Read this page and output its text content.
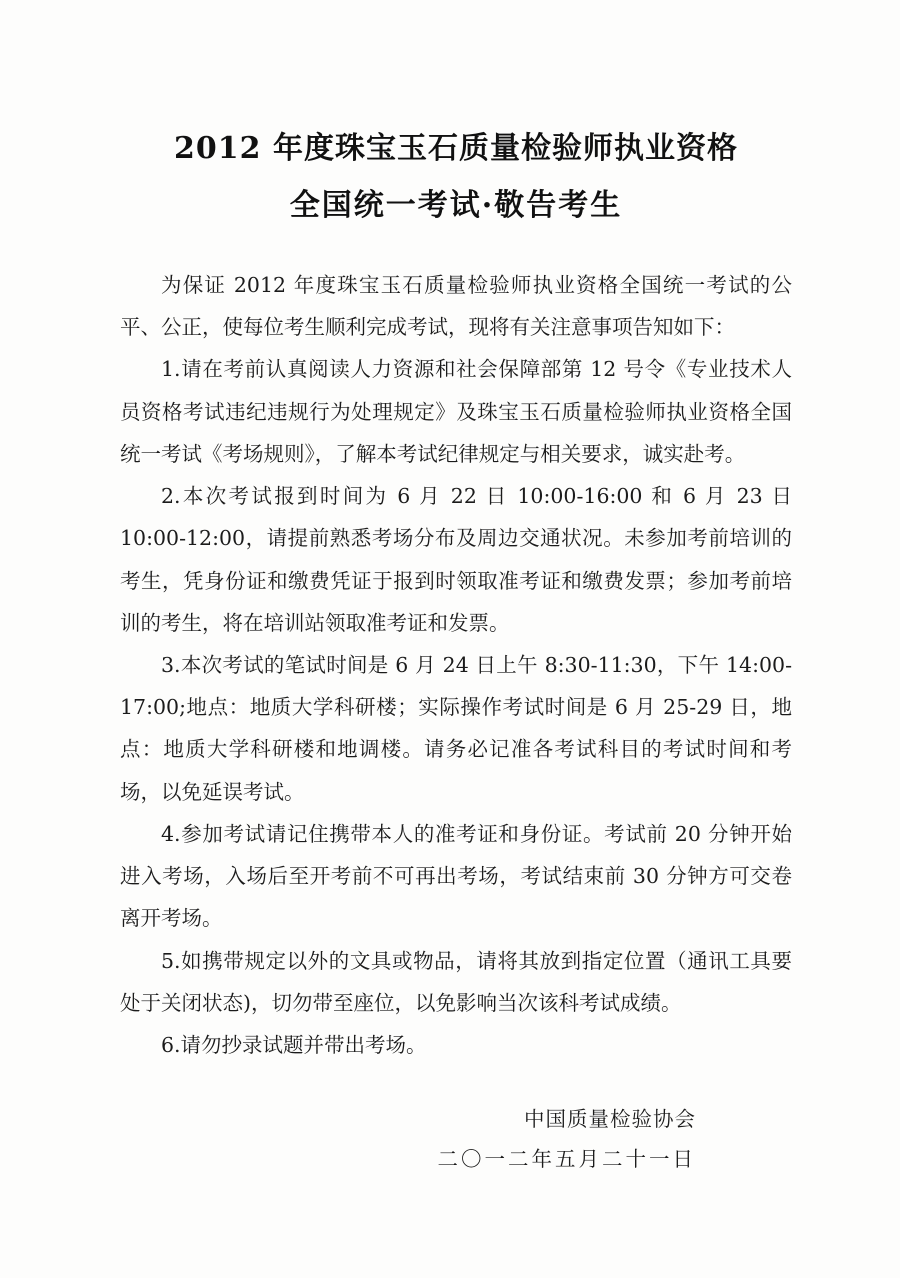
2012 年度珠宝玉石质量检验师执业资格
全国统一考试·敬告考生

为保证 2012 年度珠宝玉石质量检验师执业资格全国统一考试的公平、公正，使每位考生顺利完成考试，现将有关注意事项告知如下：

1.请在考前认真阅读人力资源和社会保障部第 12 号令《专业技术人员资格考试违纪违规行为处理规定》及珠宝玉石质量检验师执业资格全国统一考试《考场规则》，了解本考试纪律规定与相关要求，诚实赴考。

2.本次考试报到时间为 6 月 22 日 10:00-16:00 和 6 月 23 日 10:00-12:00，请提前熟悉考场分布及周边交通状况。未参加考前培训的考生，凭身份证和缴费凭证于报到时领取准考证和缴费发票；参加考前培训的考生，将在培训站领取准考证和发票。

3.本次考试的笔试时间是 6 月 24 日上午 8:30-11:30，下午 14:00-17:00;地点：地质大学科研楼；实际操作考试时间是 6 月 25-29 日，地点：地质大学科研楼和地调楼。请务必记准各考试科目的考试时间和考场，以免延误考试。

4.参加考试请记住携带本人的准考证和身份证。考试前 20 分钟开始进入考场，入场后至开考前不可再出考场，考试结束前 30 分钟方可交卷离开考场。

5.如携带规定以外的文具或物品，请将其放到指定位置（通讯工具要处于关闭状态)，切勿带至座位，以免影响当次该科考试成绩。

6.请勿抄录试题并带出考场。

中国质量检验协会
二〇一二年五月二十一日
